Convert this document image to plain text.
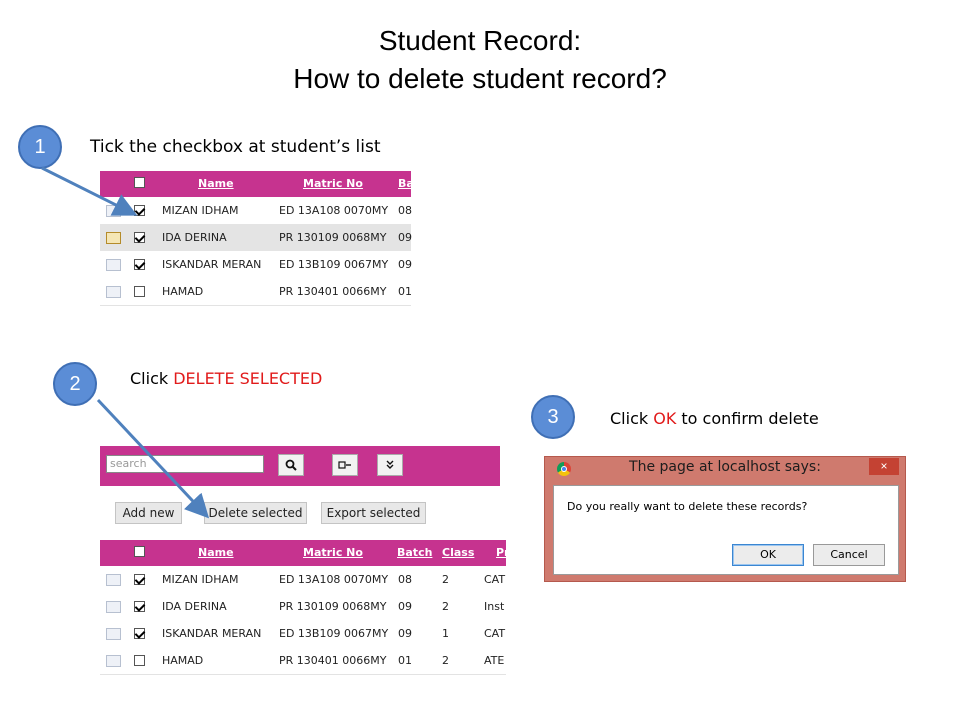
Student Record:
How to delete student record?
1	Tick the checkbox at student’s list
Name	Matric No	Ba
MIZAN IDHAM	ED 13A108 0070MY 08
IDA DERINA	PR 130109 0068MY 09
ISKANDAR MERAN ED 13B109 0067MY 09
HAMAD	PR 130401 0066MY 01
2	Click DELETE SELECTED
search
Add new	Delete selected	Export selected
Name	Matric No	Batch Class Pr
MIZAN IDHAM	ED 13A108 0070MY 08	2	CAT
IDA DERINA	PR 130109 0068MY 09	2	Inst
ISKANDAR MERAN ED 13B109 0067MY 09	1	CAT
HAMAD	PR 130401 0066MY 01	2	ATE
3	Click OK to confirm delete
The page at localhost says:	×
Do you really want to delete these records?
OK	Cancel
